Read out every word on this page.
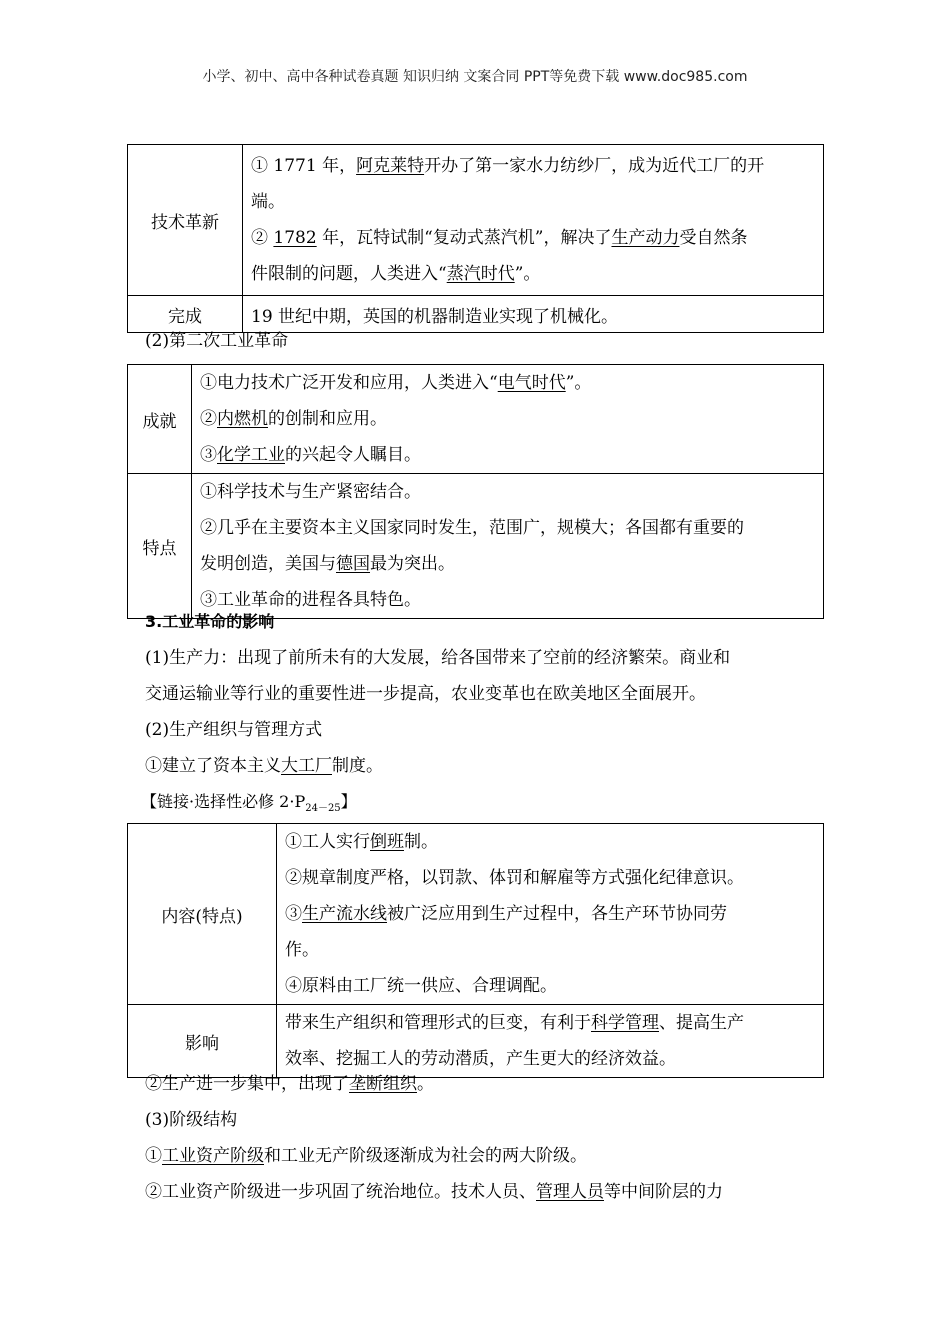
小学、初中、高中各种试卷真题 知识归纳 文案合同 PPT等免费下载 www.doc985.com
技术革新	① 1771 年，阿克莱特开办了第一家水力纺纱厂，成为近代工厂的开
端。
② 1782 年，瓦特试制“复动式蒸汽机”，解决了生产动力受自然条
件限制的问题，人类进入“蒸汽时代”。

完成	19 世纪中期，英国的机器制造业实现了机械化。
(2)第二次工业革命
成就	①电力技术广泛开发和应用，人类进入“电气时代”。
②内燃机的创制和应用。
③化学工业的兴起令人瞩目。

特点	①科学技术与生产紧密结合。
②几乎在主要资本主义国家同时发生，范围广，规模大；各国都有重要的
发明创造，美国与德国最为突出。
③工业革命的进程各具特色。
3.工业革命的影响
(1)生产力：出现了前所未有的大发展，给各国带来了空前的经济繁荣。商业和
交通运输业等行业的重要性进一步提高，农业变革也在欧美地区全面展开。
(2)生产组织与管理方式
①建立了资本主义大工厂制度。
【链接·选择性必修 $2\cdot P_{24-25}$】
内容(特点)	①工人实行倒班制。
②规章制度严格，以罚款、体罚和解雇等方式强化纪律意识。
③生产流水线被广泛应用到生产过程中，各生产环节协同劳
作。
④原料由工厂统一供应、合理调配。

影响	带来生产组织和管理形式的巨变，有利于科学管理、提高生产
效率、挖掘工人的劳动潜质，产生更大的经济效益。
②生产进一步集中，出现了垄断组织。
(3)阶级结构
①工业资产阶级和工业无产阶级逐渐成为社会的两大阶级。
②工业资产阶级进一步巩固了统治地位。技术人员、管理人员等中间阶层的力
